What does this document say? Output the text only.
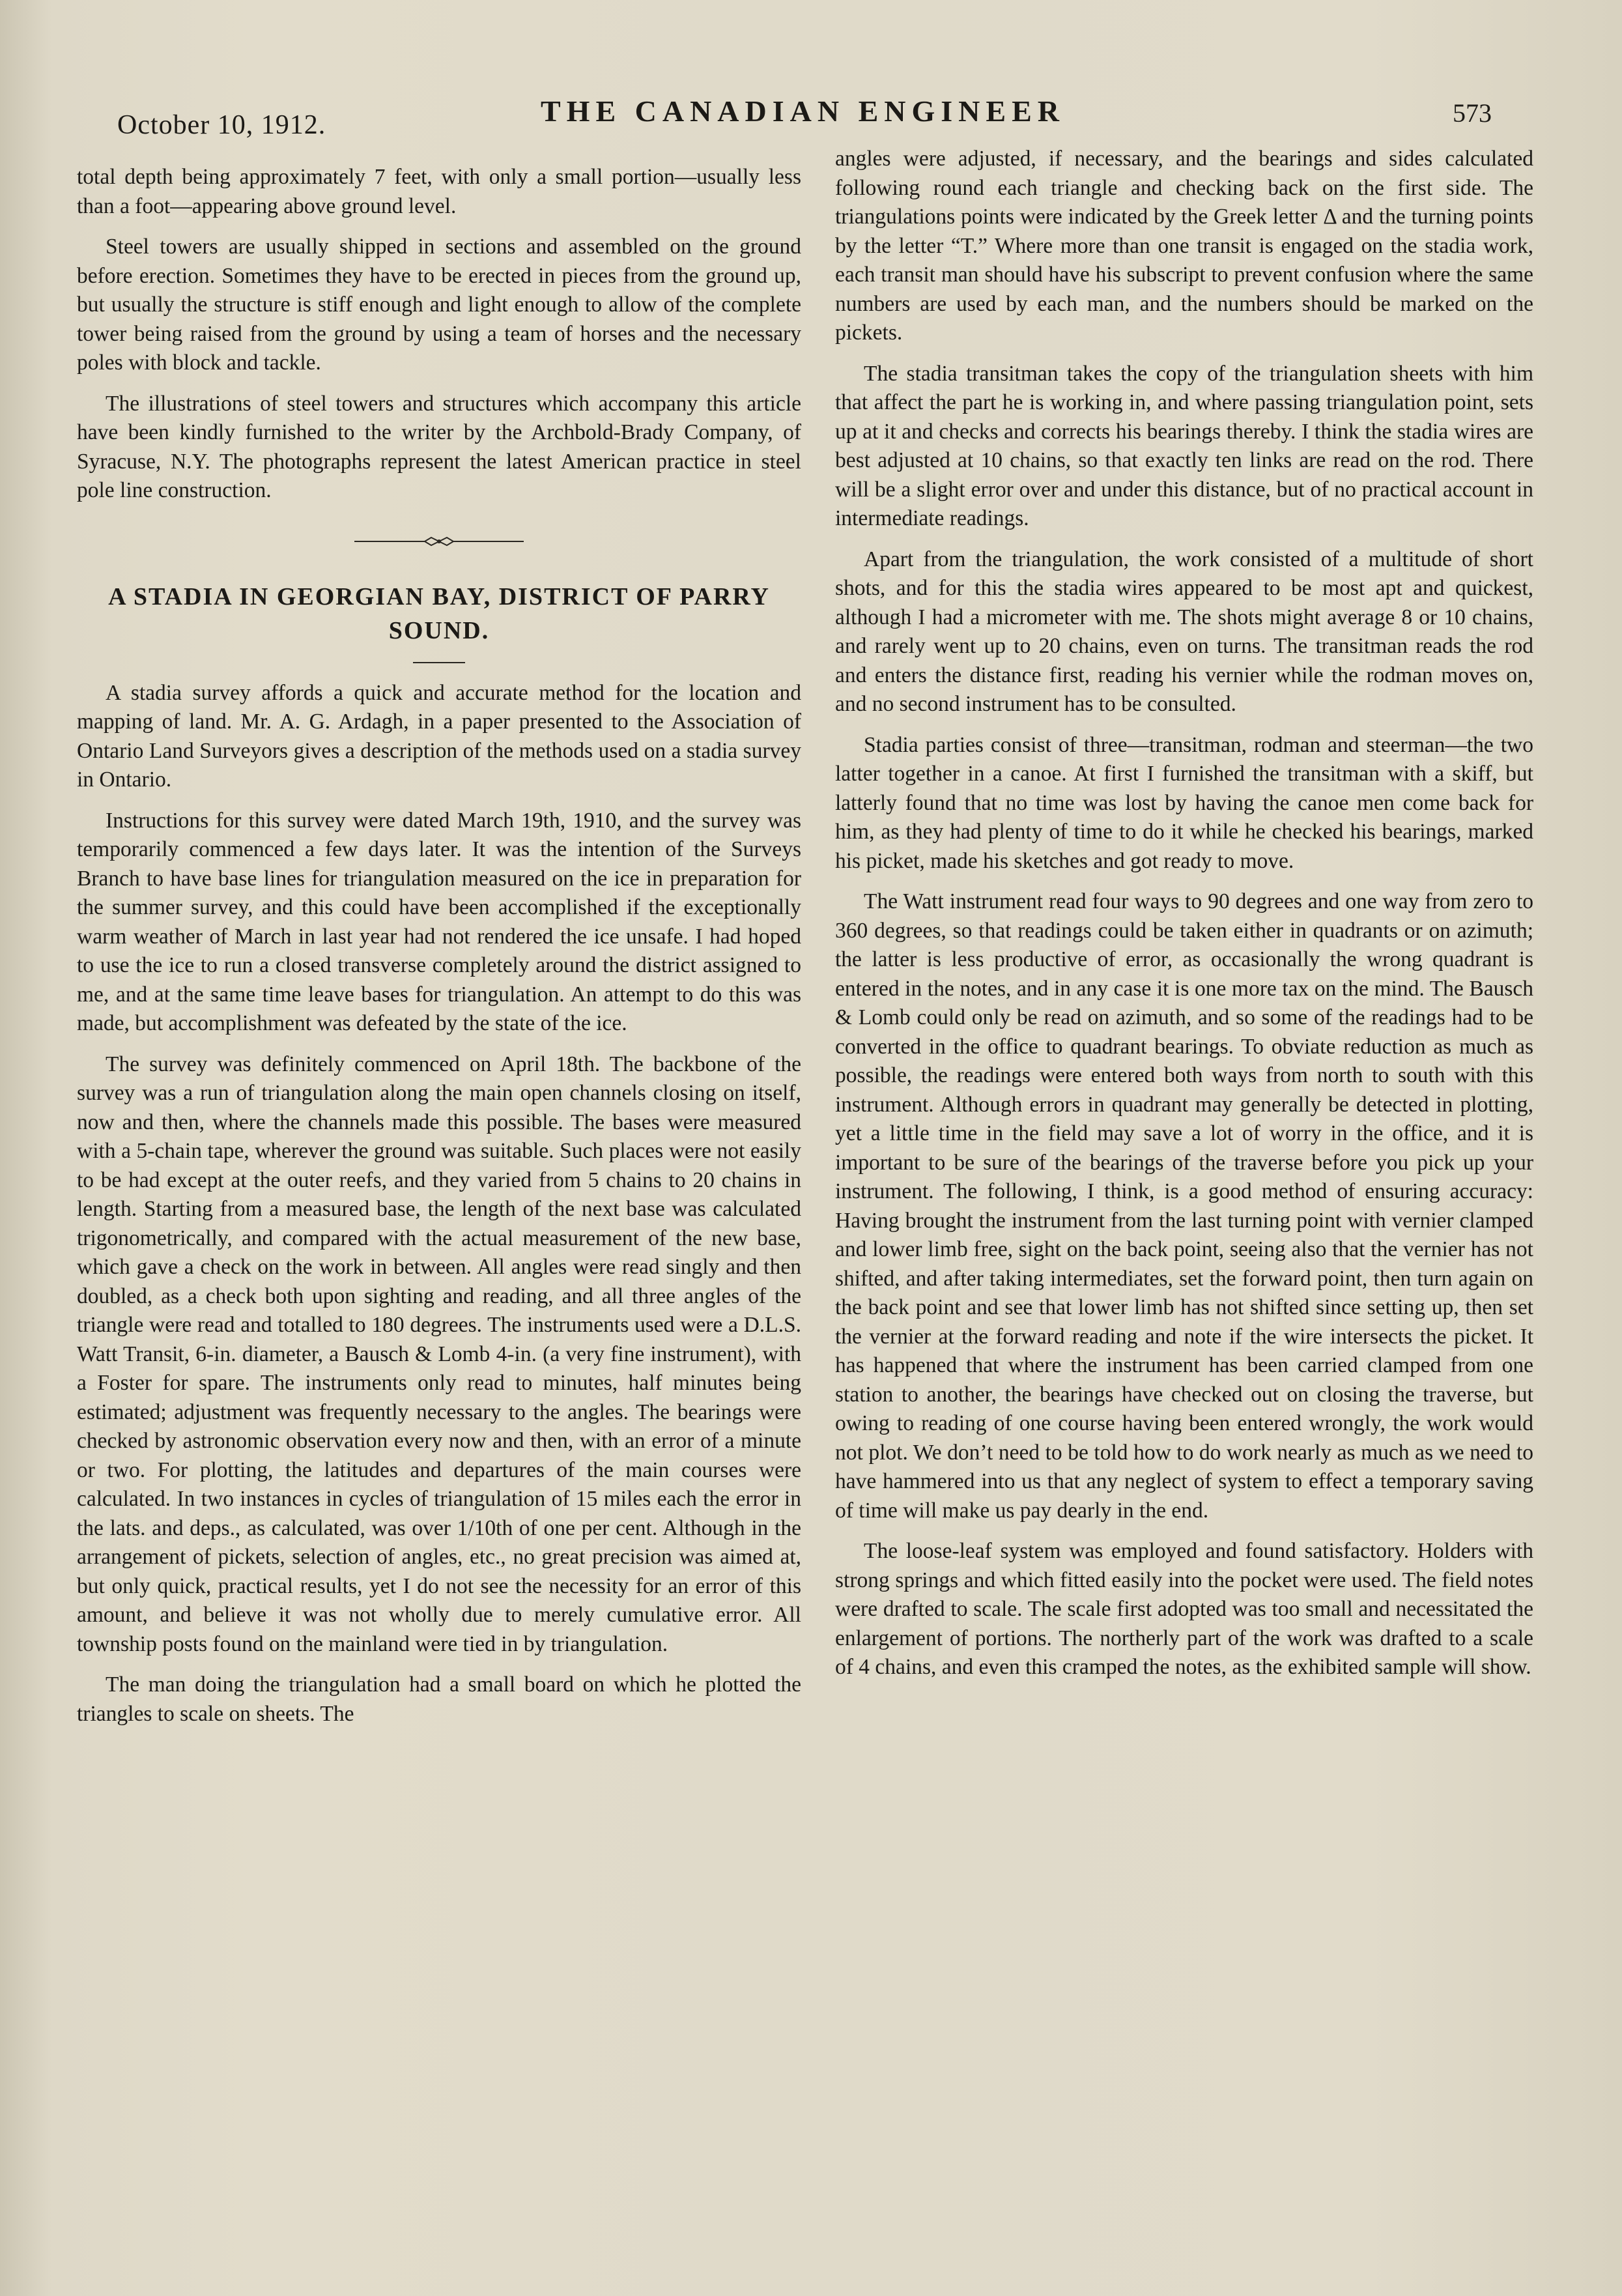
October 10, 1912.	THE CANADIAN ENGINEER	573

total depth being approximately 7 feet, with only a small portion—usually less than a foot—appearing above ground level.

Steel towers are usually shipped in sections and assembled on the ground before erection. Sometimes they have to be erected in pieces from the ground up, but usually the structure is stiff enough and light enough to allow of the complete tower being raised from the ground by using a team of horses and the necessary poles with block and tackle.

The illustrations of steel towers and structures which accompany this article have been kindly furnished to the writer by the Archbold-Brady Company, of Syracuse, N.Y. The photographs represent the latest American practice in steel pole line construction.

A STADIA IN GEORGIAN BAY, DISTRICT OF PARRY SOUND.

A stadia survey affords a quick and accurate method for the location and mapping of land. Mr. A. G. Ardagh, in a paper presented to the Association of Ontario Land Surveyors gives a description of the methods used on a stadia survey in Ontario.

Instructions for this survey were dated March 19th, 1910, and the survey was temporarily commenced a few days later. It was the intention of the Surveys Branch to have base lines for triangulation measured on the ice in preparation for the summer survey, and this could have been accomplished if the exceptionally warm weather of March in last year had not rendered the ice unsafe. I had hoped to use the ice to run a closed transverse completely around the district assigned to me, and at the same time leave bases for triangulation. An attempt to do this was made, but accomplishment was defeated by the state of the ice.

The survey was definitely commenced on April 18th. The backbone of the survey was a run of triangulation along the main open channels closing on itself, now and then, where the channels made this possible. The bases were measured with a 5-chain tape, wherever the ground was suitable. Such places were not easily to be had except at the outer reefs, and they varied from 5 chains to 20 chains in length. Starting from a measured base, the length of the next base was calculated trigonometrically, and compared with the actual measurement of the new base, which gave a check on the work in between. All angles were read singly and then doubled, as a check both upon sighting and reading, and all three angles of the triangle were read and totalled to 180 degrees. The instruments used were a D.L.S. Watt Transit, 6-in. diameter, a Bausch & Lomb 4-in. (a very fine instrument), with a Foster for spare. The instruments only read to minutes, half minutes being estimated; adjustment was frequently necessary to the angles. The bearings were checked by astronomic observation every now and then, with an error of a minute or two. For plotting, the latitudes and departures of the main courses were calculated. In two instances in cycles of triangulation of 15 miles each the error in the lats. and deps., as calculated, was over 1/10th of one per cent. Although in the arrangement of pickets, selection of angles, etc., no great precision was aimed at, but only quick, practical results, yet I do not see the necessity for an error of this amount, and believe it was not wholly due to merely cumulative error. All township posts found on the mainland were tied in by triangulation.

The man doing the triangulation had a small board on which he plotted the triangles to scale on sheets. The

angles were adjusted, if necessary, and the bearings and sides calculated following round each triangle and checking back on the first side. The triangulations points were indicated by the Greek letter Δ and the turning points by the letter “T.” Where more than one transit is engaged on the stadia work, each transit man should have his subscript to prevent confusion where the same numbers are used by each man, and the numbers should be marked on the pickets.

The stadia transitman takes the copy of the triangulation sheets with him that affect the part he is working in, and where passing triangulation point, sets up at it and checks and corrects his bearings thereby. I think the stadia wires are best adjusted at 10 chains, so that exactly ten links are read on the rod. There will be a slight error over and under this distance, but of no practical account in intermediate readings.

Apart from the triangulation, the work consisted of a multitude of short shots, and for this the stadia wires appeared to be most apt and quickest, although I had a micrometer with me. The shots might average 8 or 10 chains, and rarely went up to 20 chains, even on turns. The transitman reads the rod and enters the distance first, reading his vernier while the rodman moves on, and no second instrument has to be consulted.

Stadia parties consist of three—transitman, rodman and steerman—the two latter together in a canoe. At first I furnished the transitman with a skiff, but latterly found that no time was lost by having the canoe men come back for him, as they had plenty of time to do it while he checked his bearings, marked his picket, made his sketches and got ready to move.

The Watt instrument read four ways to 90 degrees and one way from zero to 360 degrees, so that readings could be taken either in quadrants or on azimuth; the latter is less productive of error, as occasionally the wrong quadrant is entered in the notes, and in any case it is one more tax on the mind. The Bausch & Lomb could only be read on azimuth, and so some of the readings had to be converted in the office to quadrant bearings. To obviate reduction as much as possible, the readings were entered both ways from north to south with this instrument. Although errors in quadrant may generally be detected in plotting, yet a little time in the field may save a lot of worry in the office, and it is important to be sure of the bearings of the traverse before you pick up your instrument. The following, I think, is a good method of ensuring accuracy: Having brought the instrument from the last turning point with vernier clamped and lower limb free, sight on the back point, seeing also that the vernier has not shifted, and after taking intermediates, set the forward point, then turn again on the back point and see that lower limb has not shifted since setting up, then set the vernier at the forward reading and note if the wire intersects the picket. It has happened that where the instrument has been carried clamped from one station to another, the bearings have checked out on closing the traverse, but owing to reading of one course having been entered wrongly, the work would not plot. We don’t need to be told how to do work nearly as much as we need to have hammered into us that any neglect of system to effect a temporary saving of time will make us pay dearly in the end.

The loose-leaf system was employed and found satisfactory. Holders with strong springs and which fitted easily into the pocket were used. The field notes were drafted to scale. The scale first adopted was too small and necessitated the enlargement of portions. The northerly part of the work was drafted to a scale of 4 chains, and even this cramped the notes, as the exhibited sample will show.
